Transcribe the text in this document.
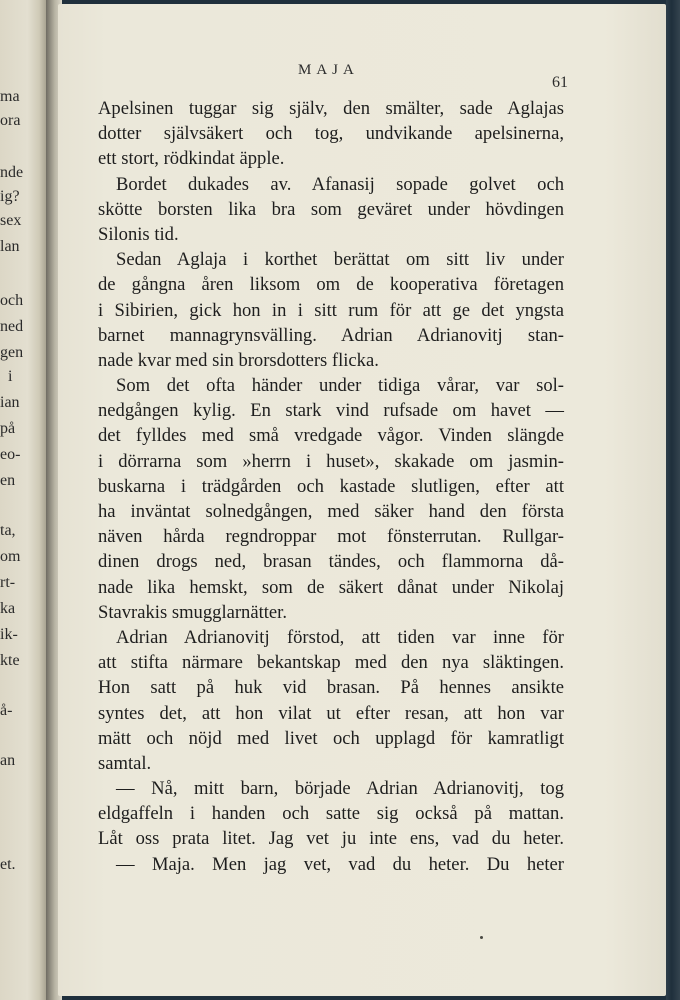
ma
ora
nde
ig?
sex
lan
och
ned
gen
i
ian
på
eo-
en
ta,
om
rt-
ka
ik-
kte
å-
an
et.
MAJA
61
Apelsinen tuggar sig själv, den smälter, sade Aglajas
dotter självsäkert och tog, undvikande apelsinerna,
ett stort, rödkindat äpple.
Bordet dukades av. Afanasij sopade golvet och
skötte borsten lika bra som geväret under hövdingen
Silonis tid.
Sedan Aglaja i korthet berättat om sitt liv under
de gångna åren liksom om de kooperativa företagen
i Sibirien, gick hon in i sitt rum för att ge det yngsta
barnet mannagrynsvälling. Adrian Adrianovitj stan-
nade kvar med sin brorsdotters flicka.
Som det ofta händer under tidiga vårar, var sol-
nedgången kylig. En stark vind rufsade om havet —
det fylldes med små vredgade vågor. Vinden slängde
i dörrarna som »herrn i huset», skakade om jasmin-
buskarna i trädgården och kastade slutligen, efter att
ha inväntat solnedgången, med säker hand den första
näven hårda regndroppar mot fönsterrutan. Rullgar-
dinen drogs ned, brasan tändes, och flammorna då-
nade lika hemskt, som de säkert dånat under Nikolaj
Stavrakis smugglarnätter.
Adrian Adrianovitj förstod, att tiden var inne för
att stifta närmare bekantskap med den nya släktingen.
Hon satt på huk vid brasan. På hennes ansikte
syntes det, att hon vilat ut efter resan, att hon var
mätt och nöjd med livet och upplagd för kamratligt
samtal.
— Nå, mitt barn, började Adrian Adrianovitj, tog
eldgaffeln i handen och satte sig också på mattan.
Låt oss prata litet. Jag vet ju inte ens, vad du heter.
— Maja. Men jag vet, vad du heter. Du heter
